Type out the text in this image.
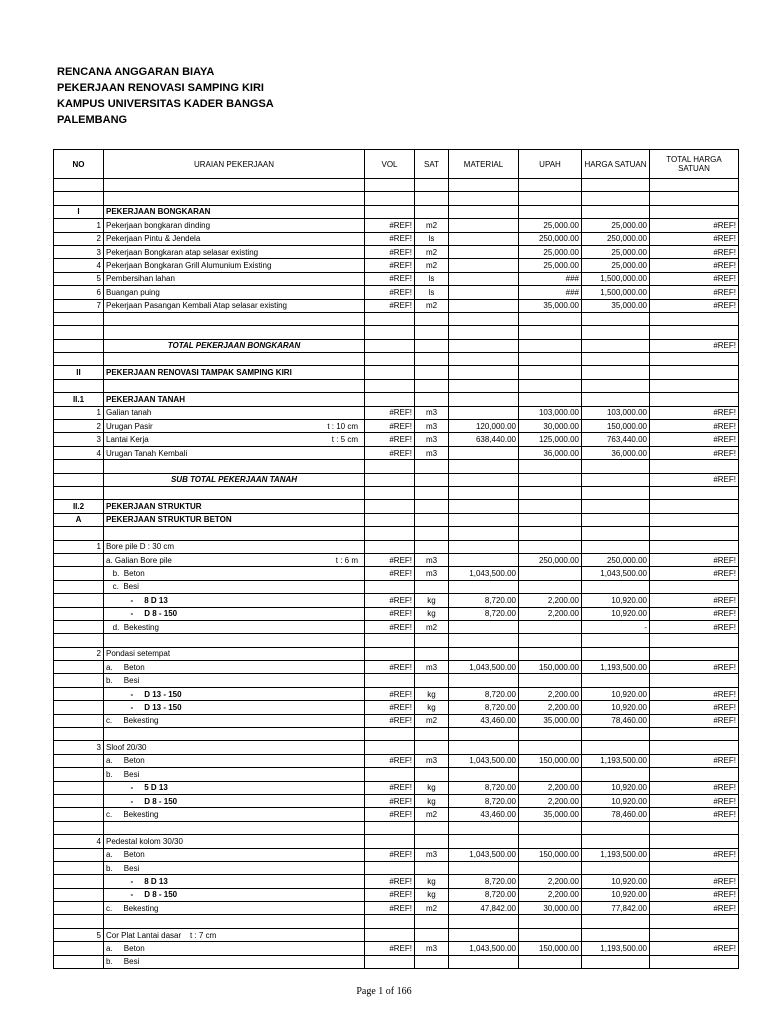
RENCANA ANGGARAN BIAYA
PEKERJAAN RENOVASI SAMPING KIRI
KAMPUS UNIVERSITAS KADER BANGSA
PALEMBANG
NO	URAIAN PEKERJAAN	VOL	SAT	MATERIAL	UPAH	HARGA SATUAN	TOTAL HARGA SATUAN

I	PEKERJAAN BONGKARAN						
1	Pekerjaan bongkaran dinding	#REF!	m2		25,000.00	25,000.00	#REF!
2	Pekerjaan Pintu & Jendela	#REF!	ls		250,000.00	250,000.00	#REF!
3	Pekerjaan Bongkaran atap selasar existing	#REF!	m2		25,000.00	25,000.00	#REF!
4	Pekerjaan Bongkaran Grill Alumunium Existing	#REF!	m2		25,000.00	25,000.00	#REF!
5	Pembersihan lahan	#REF!	ls		###	1,500,000.00	#REF!
6	Buangan puing	#REF!	ls		###	1,500,000.00	#REF!
7	Pekerjaan Pasangan Kembali Atap selasar existing	#REF!	m2		35,000.00	35,000.00	#REF!

	TOTAL PEKERJAAN BONGKARAN						#REF!

II	PEKERJAAN RENOVASI TAMPAK SAMPING KIRI						

II.1	PEKERJAAN TANAH						
1	Galian tanah	#REF!	m3		103,000.00	103,000.00	#REF!
2	Urugan Pasir t : 10 cm	#REF!	m3	120,000.00	30,000.00	150,000.00	#REF!
3	Lantai Kerja t : 5 cm	#REF!	m3	638,440.00	125,000.00	763,440.00	#REF!
4	Urugan Tanah Kembali	#REF!	m3		36,000.00	36,000.00	#REF!

	SUB TOTAL PEKERJAAN TANAH						#REF!

II.2	PEKERJAAN STRUKTUR						
A	PEKERJAAN STRUKTUR BETON						

1	Bore pile D : 30 cm						

	a. Galian Bore pile t : 6 m	#REF!	m3		250,000.00	250,000.00	#REF!
	b.  Beton	#REF!	m3	1,043,500.00		1,043,500.00	#REF!
	c.  Besi						
	-     8 D 13	#REF!	kg	8,720.00	2,200.00	10,920.00	#REF!
	-     D 8 - 150	#REF!	kg	8,720.00	2,200.00	10,920.00	#REF!
	d.  Bekesting	#REF!	m2			-	#REF!

2	Pondasi setempat						
	a.     Beton	#REF!	m3	1,043,500.00	150,000.00	1,193,500.00	#REF!
	b.     Besi						
	-     D 13 - 150	#REF!	kg	8,720.00	2,200.00	10,920.00	#REF!
	-     D 13 - 150	#REF!	kg	8,720.00	2,200.00	10,920.00	#REF!
	c.     Bekesting	#REF!	m2	43,460.00	35,000.00	78,460.00	#REF!

3	Sloof 20/30						
	a.     Beton	#REF!	m3	1,043,500.00	150,000.00	1,193,500.00	#REF!
	b.     Besi						
	-     5 D 13	#REF!	kg	8,720.00	2,200.00	10,920.00	#REF!
	-     D 8 - 150	#REF!	kg	8,720.00	2,200.00	10,920.00	#REF!
	c.     Bekesting	#REF!	m2	43,460.00	35,000.00	78,460.00	#REF!

4	Pedestal kolom 30/30						
	a.     Beton	#REF!	m3	1,043,500.00	150,000.00	1,193,500.00	#REF!
	b.     Besi						
	-     8 D 13	#REF!	kg	8,720.00	2,200.00	10,920.00	#REF!
	-     D 8 - 150	#REF!	kg	8,720.00	2,200.00	10,920.00	#REF!
	c.     Bekesting	#REF!	m2	47,842.00	30,000.00	77,842.00	#REF!

5	Cor Plat Lantai dasar    t : 7 cm						
	a.     Beton	#REF!	m3	1,043,500.00	150,000.00	1,193,500.00	#REF!
	b.     Besi						
Page 1 of 166
